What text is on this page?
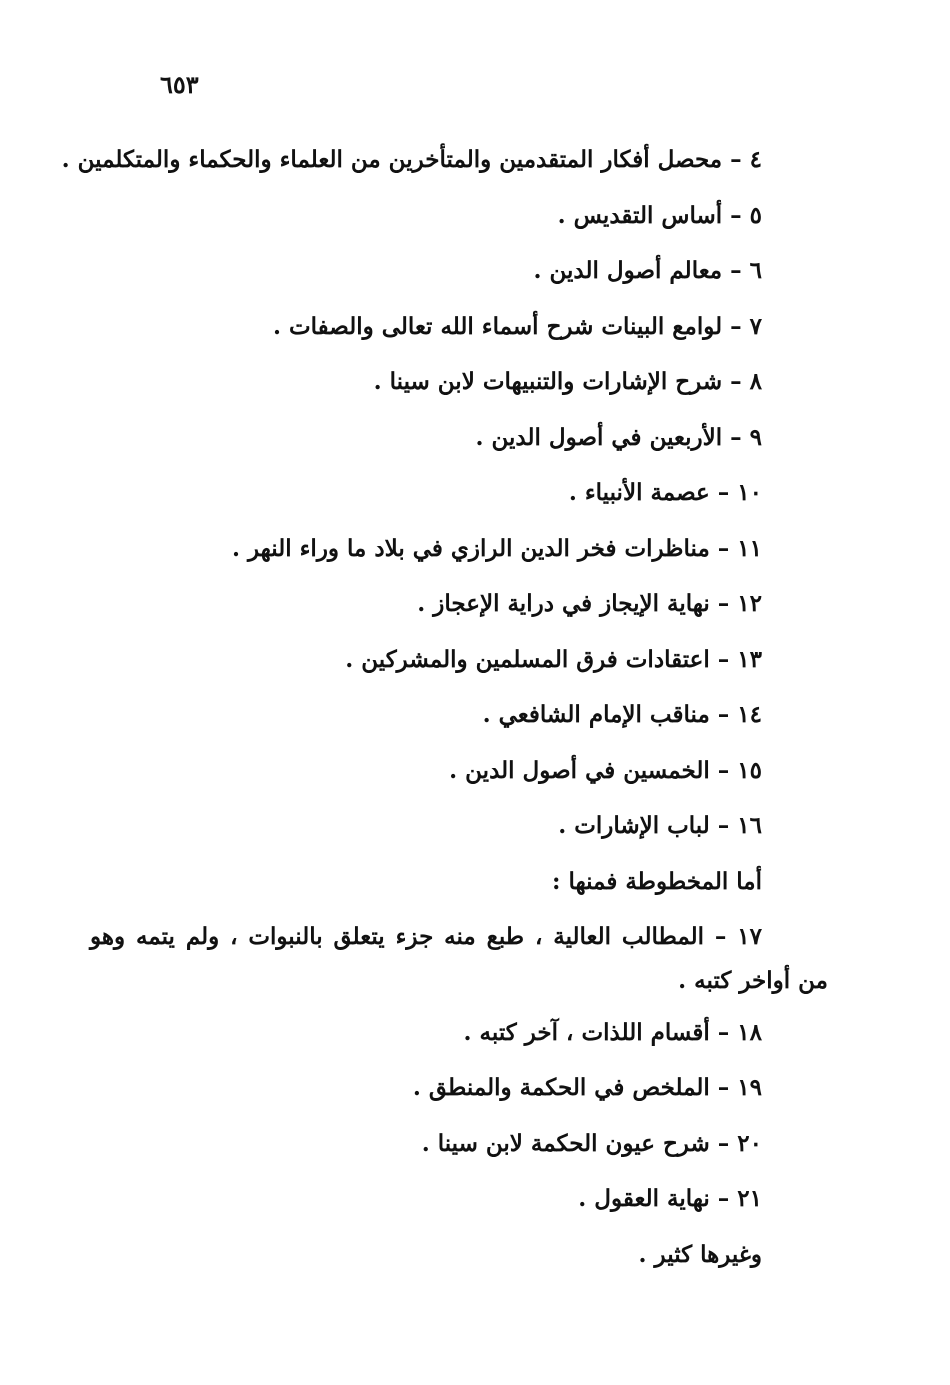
٦٥٣
٤ – محصل أفكار المتقدمين والمتأخرين من العلماء والحكماء والمتكلمين .
٥ – أساس التقديس .
٦ – معالم أصول الدين .
٧ – لوامع البينات شرح أسماء الله تعالى والصفات .
٨ – شرح الإشارات والتنبيهات لابن سينا .
٩ – الأربعين في أصول الدين .
١٠ – عصمة الأنبياء .
١١ – مناظرات فخر الدين الرازي في بلاد ما وراء النهر .
١٢ – نهاية الإيجاز في دراية الإعجاز .
١٣ – اعتقادات فرق المسلمين والمشركين .
١٤ – مناقب الإمام الشافعي .
١٥ – الخمسين في أصول الدين .
١٦ – لباب الإشارات .
أما المخطوطة فمنها :
١٧ – المطالب العالية ، طبع منه جزء يتعلق بالنبوات ، ولم يتمه وهو
من أواخر كتبه .
١٨ – أقسام اللذات ، آخر كتبه .
١٩ – الملخص في الحكمة والمنطق .
٢٠ – شرح عيون الحكمة لابن سينا .
٢١ – نهاية العقول .
وغيرها كثير .
